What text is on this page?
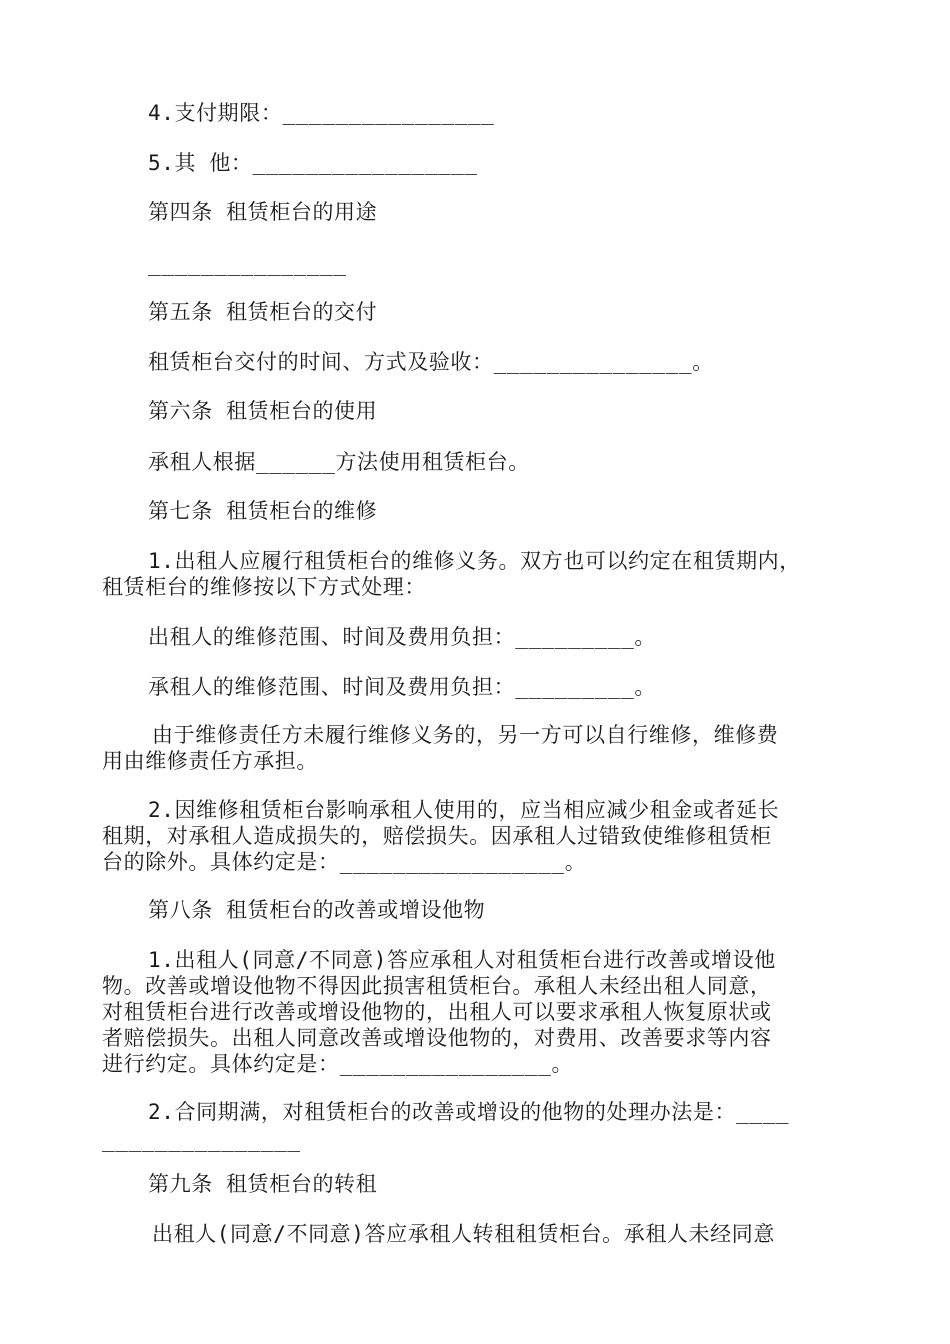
4.支付期限：________________
5.其 他：_________________
第四条 租赁柜台的用途
_______________
第五条 租赁柜台的交付
租赁柜台交付的时间、方式及验收：_______________。
第六条 租赁柜台的使用
承租人根据______方法使用租赁柜台。
第七条 租赁柜台的维修
1.出租人应履行租赁柜台的维修义务。双方也可以约定在租赁期内，
租赁柜台的维修按以下方式处理：
出租人的维修范围、时间及费用负担：_________。
承租人的维修范围、时间及费用负担：_________。
由于维修责任方未履行维修义务的，另一方可以自行维修，维修费
用由维修责任方承担。
2.因维修租赁柜台影响承租人使用的，应当相应减少租金或者延长
租期，对承租人造成损失的，赔偿损失。因承租人过错致使维修租赁柜
台的除外。具体约定是：_________________。
第八条 租赁柜台的改善或增设他物
1.出租人(同意/不同意)答应承租人对租赁柜台进行改善或增设他
物。改善或增设他物不得因此损害租赁柜台。承租人未经出租人同意，
对租赁柜台进行改善或增设他物的，出租人可以要求承租人恢复原状或
者赔偿损失。出租人同意改善或增设他物的，对费用、改善要求等内容
进行约定。具体约定是：________________。
2.合同期满，对租赁柜台的改善或增设的他物的处理办法是：____
_______________
第九条 租赁柜台的转租
出租人(同意/不同意)答应承租人转租租赁柜台。承租人未经同意
